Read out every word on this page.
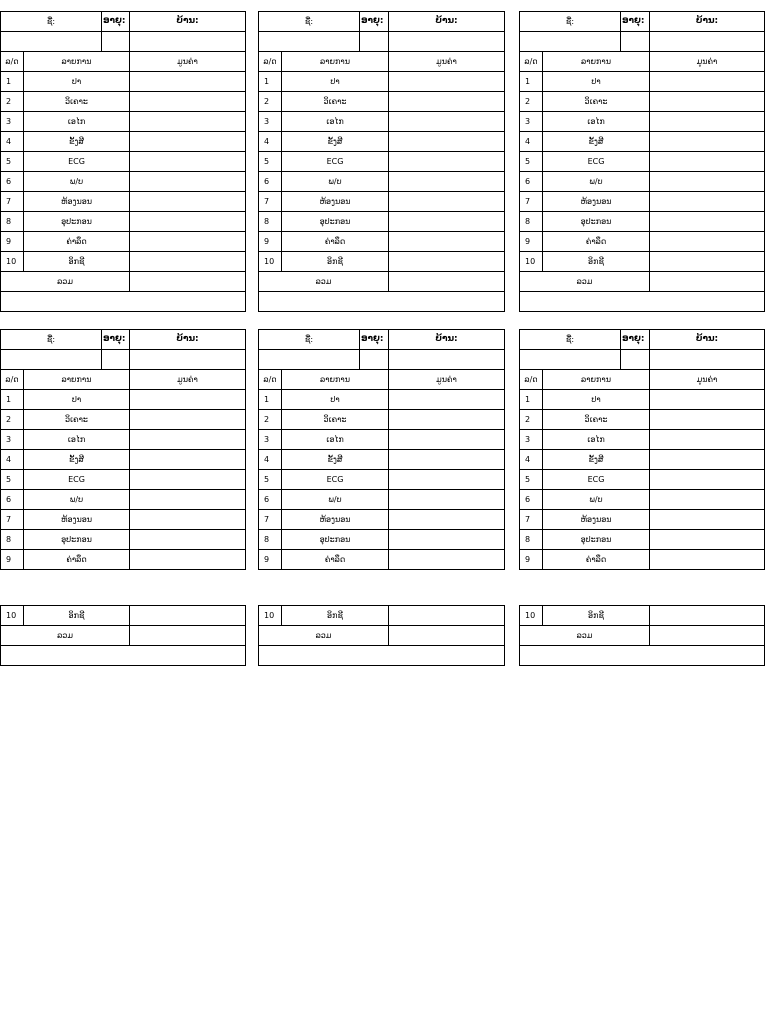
ຊື່:		ອາຍຸ:	ບ້ານ:

ລ/ດ	ລາຍການ		ມູນຄ່າ
1	ປາ		
2	ວິເຄາະ		
3	ເອໄກ		
4	ຂັ້ງສີ		
5	ECG		
6	ພ/ບ		
7	ຫ້ອງນອນ		
8	ອຸປະກອນ		
9	ຄ່າລຶດ		
10	ອິກຊີ		
ລວມ			

ຊື່:		ອາຍຸ:	ບ້ານ:

ລ/ດ	ລາຍການ		ມູນຄ່າ
1	ປາ		
2	ວິເຄາະ		
3	ເອໄກ		
4	ຂັ້ງສີ		
5	ECG		
6	ພ/ບ		
7	ຫ້ອງນອນ		
8	ອຸປະກອນ		
9	ຄ່າລຶດ		
10	ອິກຊີ		
ລວມ			

ຊື່:		ອາຍຸ:	ບ້ານ:

ລ/ດ	ລາຍການ		ມູນຄ່າ
1	ປາ		
2	ວິເຄາະ		
3	ເອໄກ		
4	ຂັ້ງສີ		
5	ECG		
6	ພ/ບ		
7	ຫ້ອງນອນ		
8	ອຸປະກອນ		
9	ຄ່າລຶດ		
10	ອິກຊີ		
ລວມ			

ຊື່:		ອາຍຸ:	ບ້ານ:

ລ/ດ	ລາຍການ		ມູນຄ່າ
1	ປາ		
2	ວິເຄາະ		
3	ເອໄກ		
4	ຂັ້ງສີ		
5	ECG		
6	ພ/ບ		
7	ຫ້ອງນອນ		
8	ອຸປະກອນ		
9	ຄ່າລຶດ		
ຊື່:		ອາຍຸ:	ບ້ານ:

ລ/ດ	ລາຍການ		ມູນຄ່າ
1	ປາ		
2	ວິເຄາະ		
3	ເອໄກ		
4	ຂັ້ງສີ		
5	ECG		
6	ພ/ບ		
7	ຫ້ອງນອນ		
8	ອຸປະກອນ		
9	ຄ່າລຶດ		
ຊື່:		ອາຍຸ:	ບ້ານ:

ລ/ດ	ລາຍການ		ມູນຄ່າ
1	ປາ		
2	ວິເຄາະ		
3	ເອໄກ		
4	ຂັ້ງສີ		
5	ECG		
6	ພ/ບ		
7	ຫ້ອງນອນ		
8	ອຸປະກອນ		
9	ຄ່າລຶດ		
10	ອິກຊີ	
ລວມ		

10	ອິກຊີ	
ລວມ		

10	ອິກຊີ	
ລວມ		
